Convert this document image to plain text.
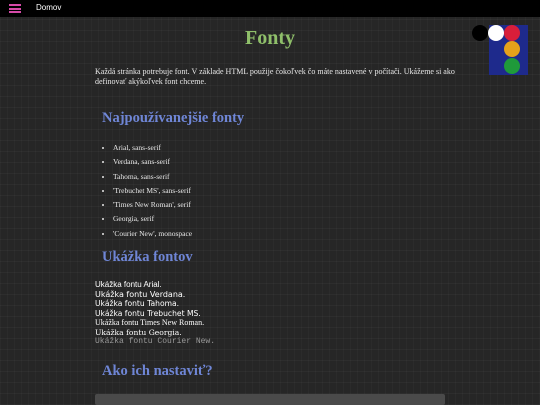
Domov
Fonty

Každá stránka potrebuje font. V základe HTML použije čokoľvek čo máte nastavené v počítači. Ukážeme si ako definovať akýkoľvek font chceme.

Najpoužívanejšie fonty
• Arial, sans-serif
• Verdana, sans-serif
• Tahoma, sans-serif
• 'Trebuchet MS', sans-serif
• 'Times New Roman', serif
• Georgia, serif
• 'Courier New', monospace
Ukážka fontov
Ukážka fontu Arial.
Ukážka fontu Verdana.
Ukážka fontu Tahoma.
Ukážka fontu Trebuchet MS.
Ukážka fontu Times New Roman.
Ukážka fontu Georgia.
Ukážka fontu Courier New.
Ako ich nastaviť?
